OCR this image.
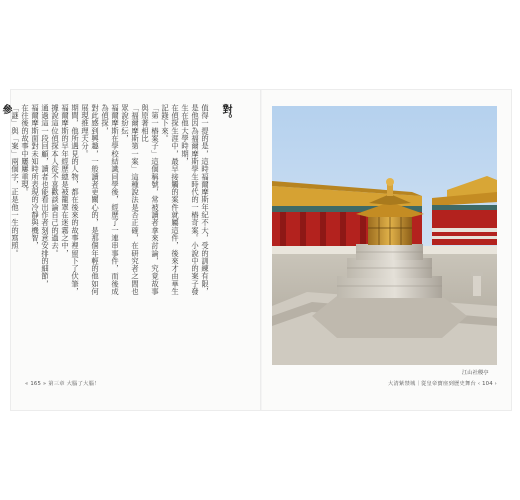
對。

值得一提的是，這時福爾摩斯年紀不大，受的訓練有限，

是他因為福爾摩斯學生時代的一樁奇案。小說中的案子發生在他大學時期，

在偵探生涯中，最早接觸的案件就屬這件，後來才由華生記錄下來。

「第一樁案子」這個稱號，常被讀者拿來討論，究竟故事與原著相比

「福爾摩斯第一案」這種說法是否正確，在研究者之間也眾說紛紜，

福爾摩斯在學校結識同學後，經歷了一連串事件，而後成為偵探，

對此感到興趣，一般讀者更關心的，是那個年輕的他如何展現推理天分。

期間，他所遇見的人物，都在後來的故事裡留下了伏筆，

福爾摩斯的早年經歷總是被籠罩在迷霧之中，

據說這位偵探本人從不喜歡談論自己的過去。

通過這一段回顧，讀者也能看出作者刻意安排的細節，

福爾摩斯面對未知時所表現的冷靜與機智，

在往後的故事中屢屢重現。

「謎」與「案」兩個字，正是他一生的寫照。

參

« 165 » 第三章 大腦了大腦！
江山社稷亭
大清紫禁城｜從皇帝寶座到歷史舞台 ‹ 104 ›
